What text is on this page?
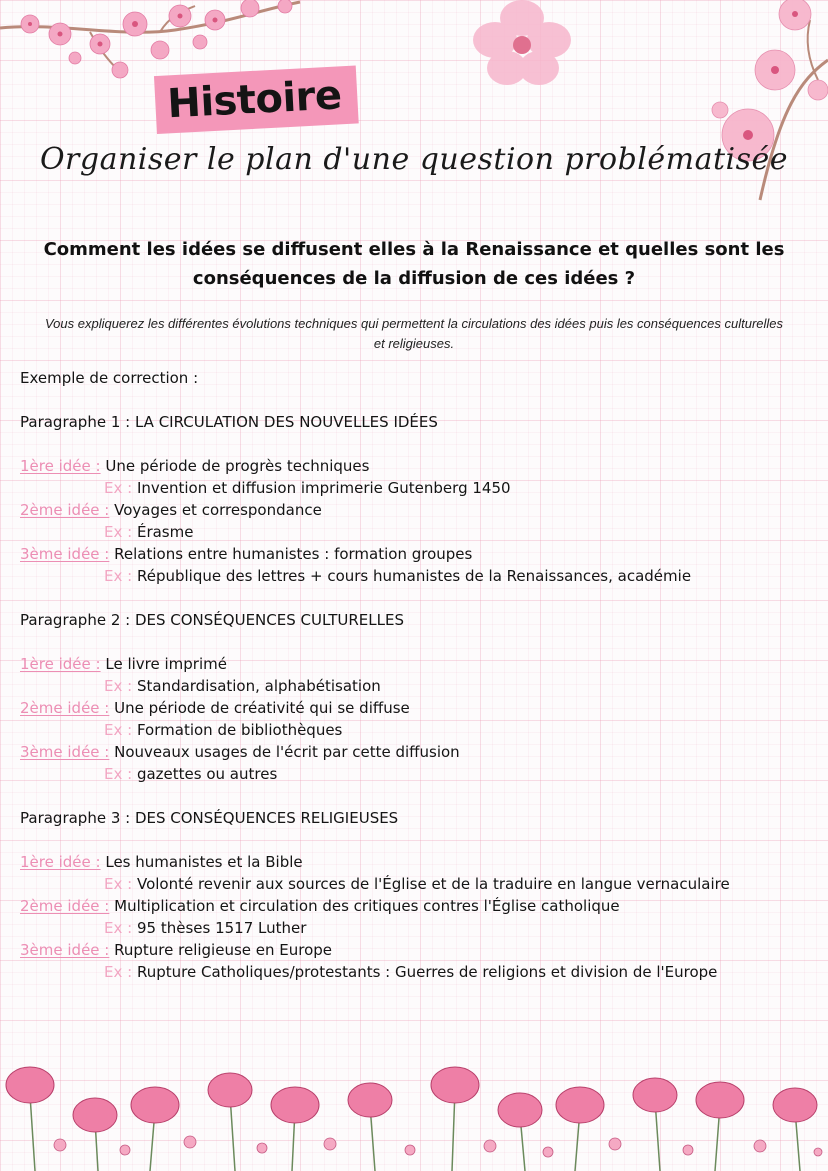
Histoire
Organiser le plan d'une question problématisée
Comment les idées se diffusent elles à la Renaissance et quelles sont les conséquences de la diffusion de ces idées ?
Vous expliquerez les différentes évolutions techniques qui permettent la circulations des idées puis les conséquences culturelles et religieuses.
Exemple de correction :
Paragraphe 1 : LA CIRCULATION DES NOUVELLES IDÉES
1ère idée : Une période de progrès techniques
Ex : Invention et diffusion imprimerie Gutenberg 1450
2ème idée : Voyages et correspondance
Ex : Érasme
3ème idée : Relations entre humanistes : formation groupes
Ex : République des lettres + cours humanistes de la Renaissances, académie
Paragraphe 2 : DES CONSÉQUENCES CULTURELLES
1ère idée : Le livre imprimé
Ex : Standardisation, alphabétisation
2ème idée : Une période de créativité qui se diffuse
Ex : Formation de bibliothèques
3ème idée : Nouveaux usages de l'écrit par cette diffusion
Ex : gazettes ou autres
Paragraphe 3 : DES CONSÉQUENCES RELIGIEUSES
1ère idée : Les humanistes et la Bible
Ex : Volonté revenir aux sources de l'Église et de la traduire en langue vernaculaire
2ème idée : Multiplication et circulation des critiques contres l'Église catholique
Ex : 95 thèses 1517 Luther
3ème idée : Rupture religieuse en Europe
Ex : Rupture Catholiques/protestants : Guerres de religions et division de l'Europe
